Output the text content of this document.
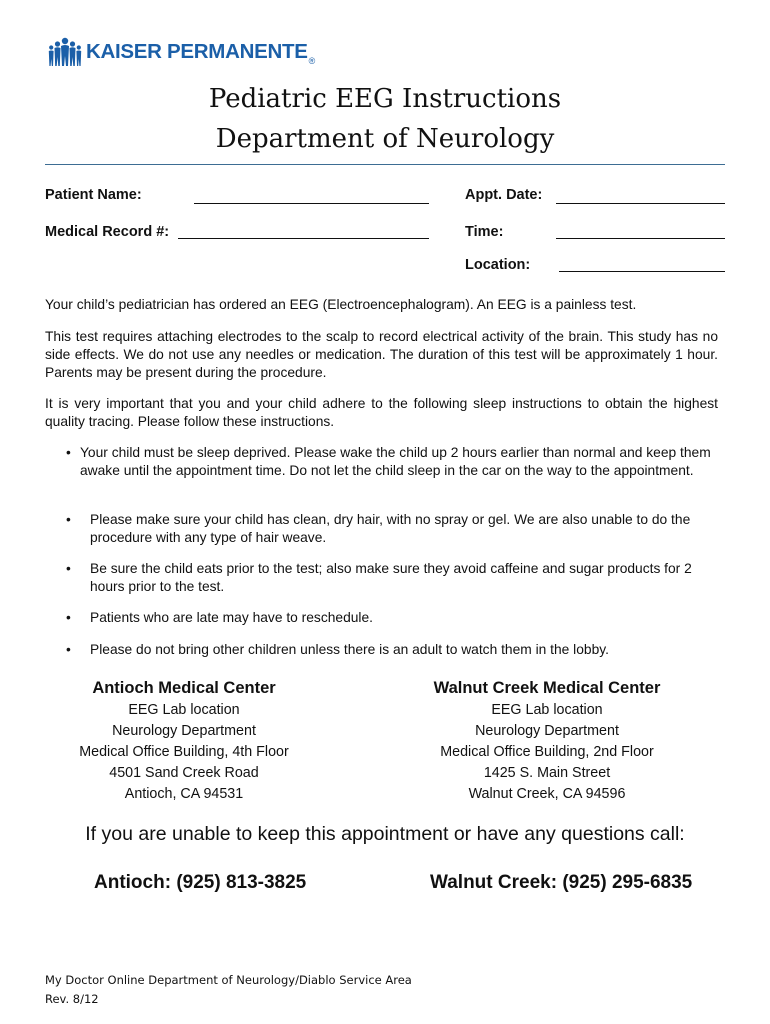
KAISER PERMANENTE ®
Pediatric EEG Instructions
Department of Neurology
Patient Name:	Appt. Date:
Medical Record #:	Time:
Location:

Your child’s pediatrician has ordered an EEG (Electroencephalogram). An EEG is a painless test.

This test requires attaching electrodes to the scalp to record electrical activity of the brain. This study has no side effects. We do not use any needles or medication. The duration of this test will be approximately 1 hour. Parents may be present during the procedure.

It is very important that you and your child adhere to the following sleep instructions to obtain the highest quality tracing. Please follow these instructions.

• Your child must be sleep deprived. Please wake the child up 2 hours earlier than normal and keep them awake until the appointment time. Do not let the child sleep in the car on the way to the appointment.

• Please make sure your child has clean, dry hair, with no spray or gel. We are also unable to do the procedure with any type of hair weave.

• Be sure the child eats prior to the test; also make sure they avoid caffeine and sugar products for 2 hours prior to the test.

• Patients who are late may have to reschedule.

• Please do not bring other children unless there is an adult to watch them in the lobby.

Antioch Medical Center
EEG Lab location
Neurology Department
Medical Office Building, 4th Floor
4501 Sand Creek Road
Antioch, CA 94531
Walnut Creek Medical Center
EEG Lab location
Neurology Department
Medical Office Building, 2nd Floor
1425 S. Main Street
Walnut Creek, CA 94596
If you are unable to keep this appointment or have any questions call:
Antioch: (925) 813-3825	Walnut Creek: (925) 295-6835
My Doctor Online Department of Neurology/Diablo Service Area
Rev. 8/12
